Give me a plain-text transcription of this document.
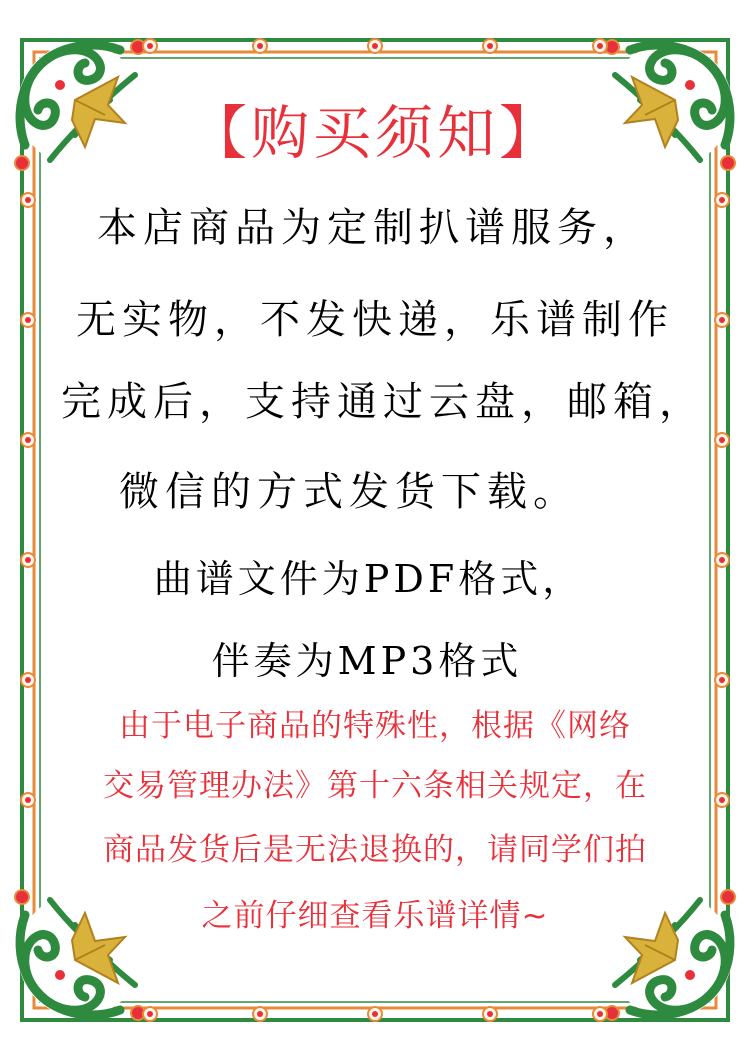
【购买须知】
本店商品为定制扒谱服务，
无实物，不发快递，乐谱制作
完成后，支持通过云盘，邮箱，
微信的方式发货下载。
曲谱文件为PDF格式，
伴奏为MP3格式
由于电子商品的特殊性，根据《网络
交易管理办法》第十六条相关规定，在
商品发货后是无法退换的，请同学们拍
之前仔细查看乐谱详情~
